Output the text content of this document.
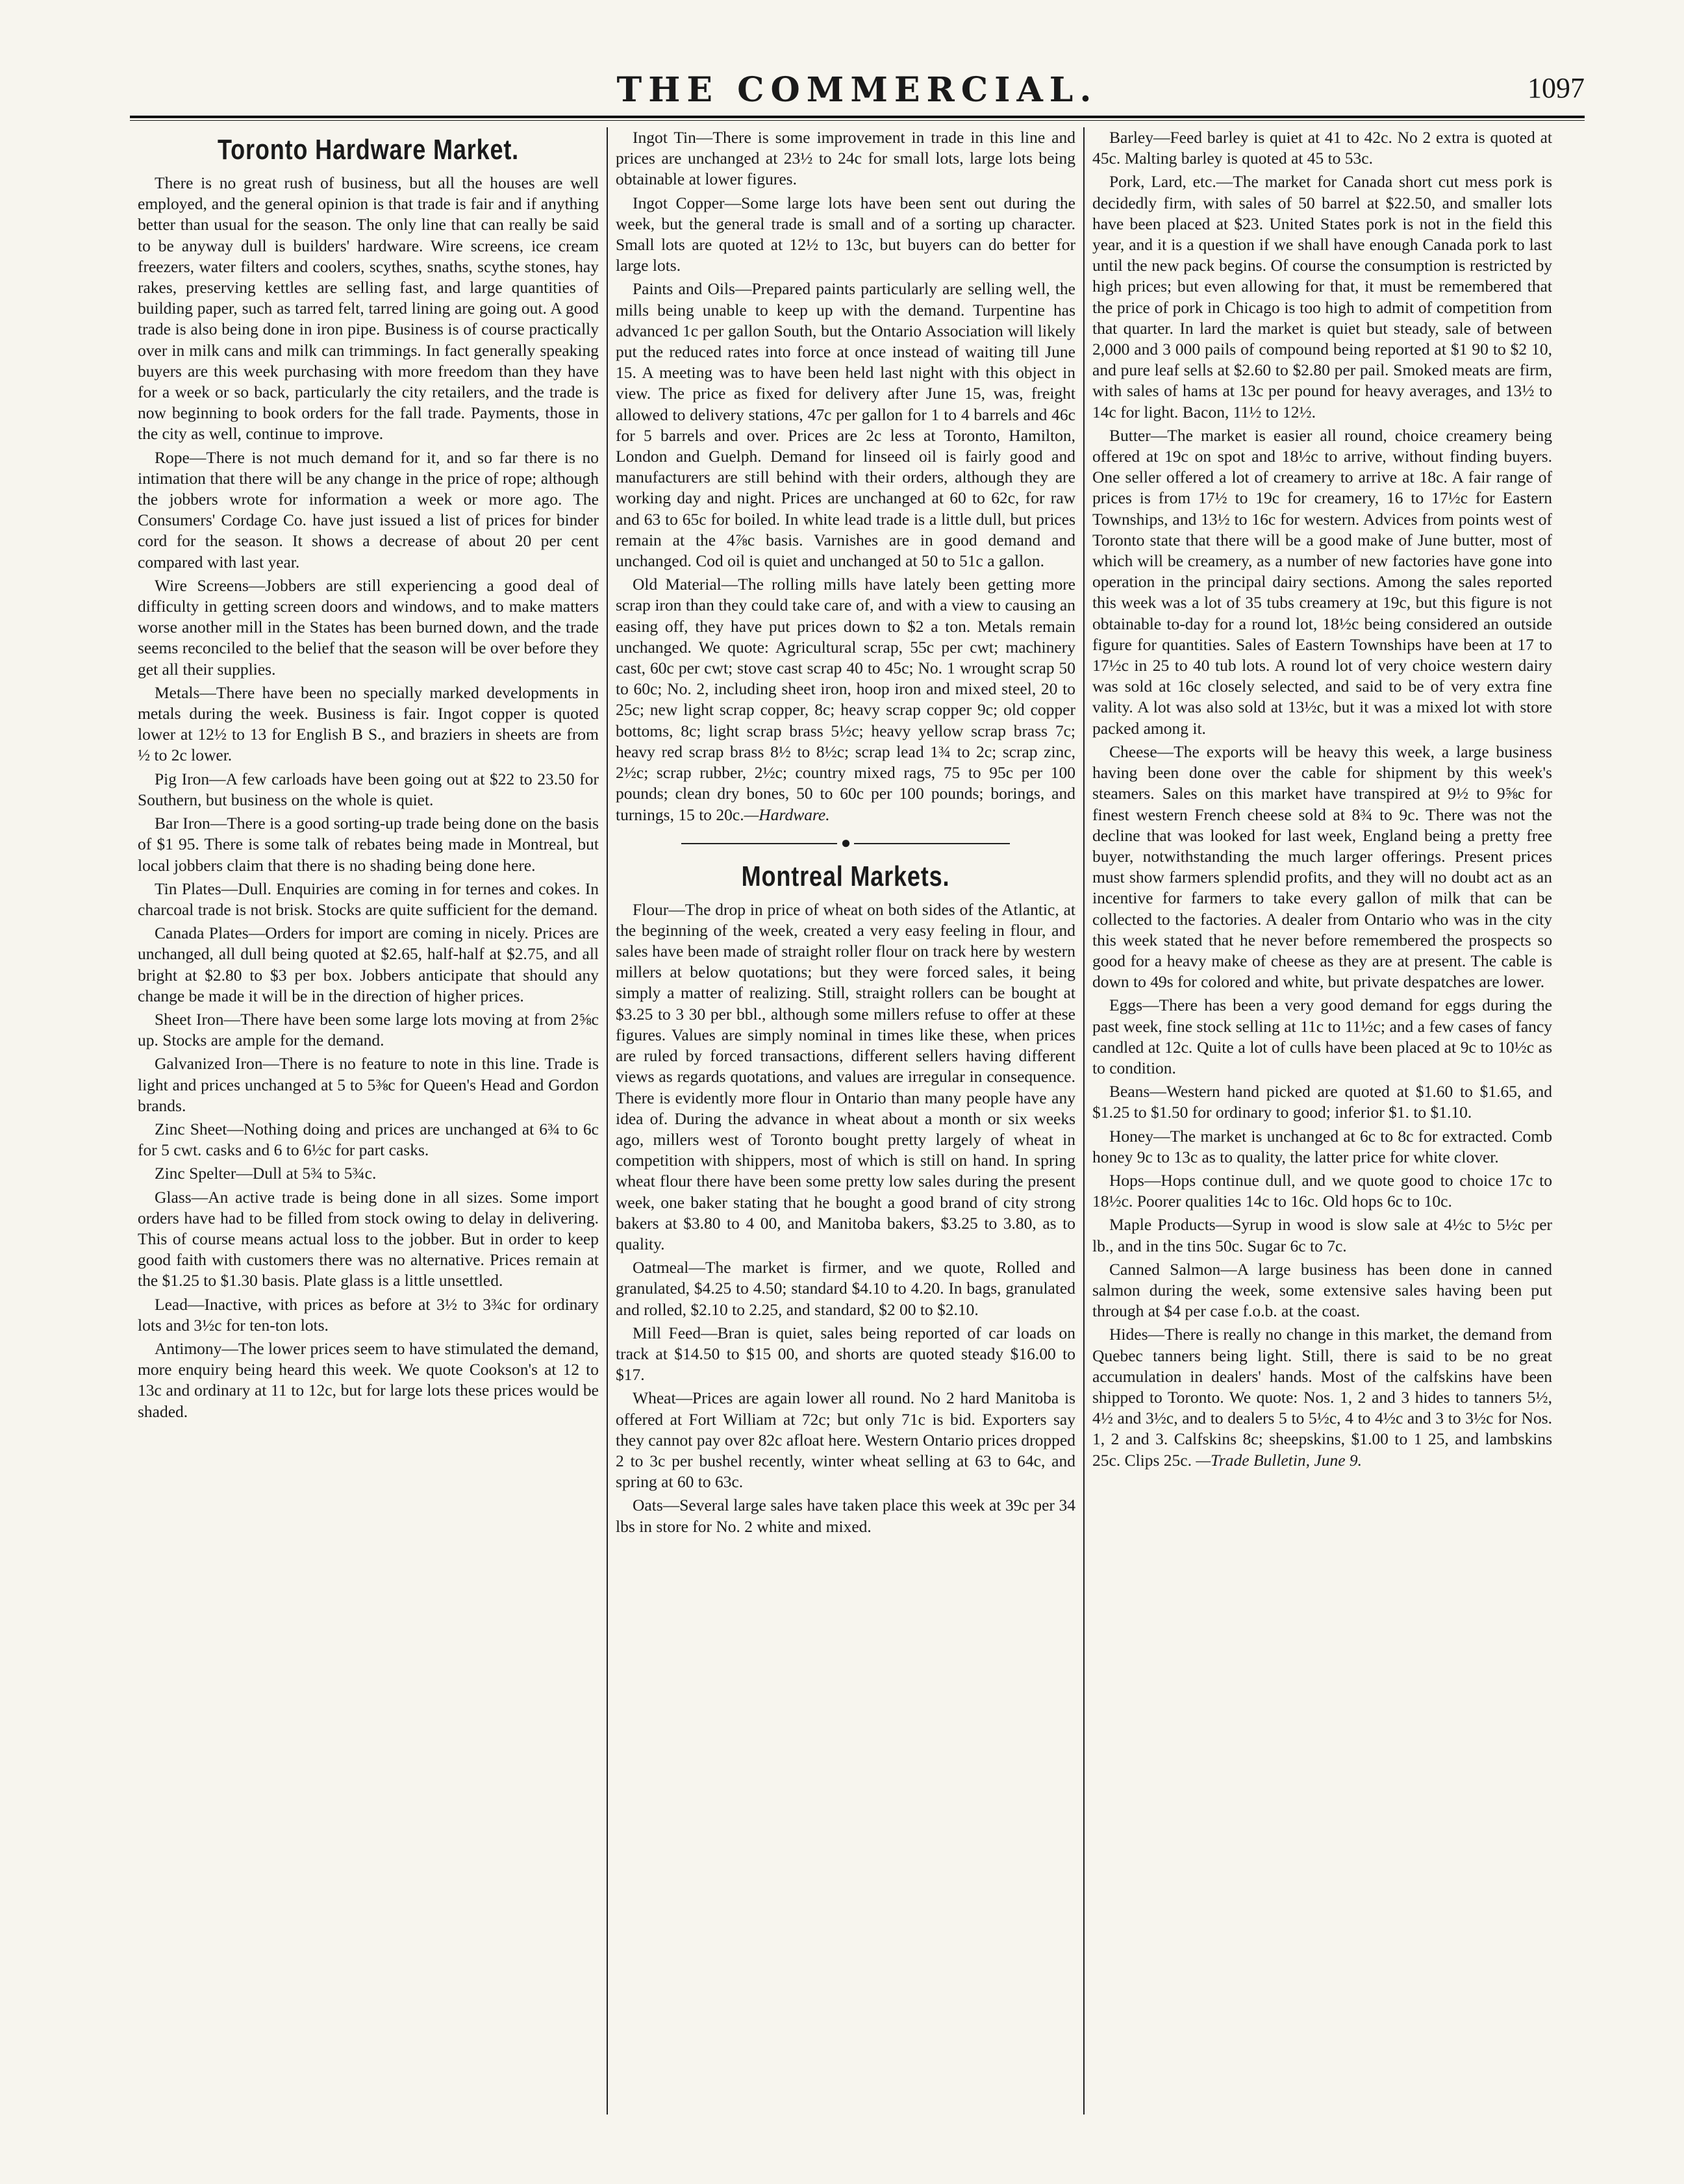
THE COMMERCIAL.	1097
Toronto Hardware Market.

There is no great rush of business, but all the houses are well employed, and the general opinion is that trade is fair and if anything better than usual for the season. The only line that can really be said to be anyway dull is builders' hardware. Wire screens, ice cream freezers, water filters and coolers, scythes, snaths, scythe stones, hay rakes, preserving kettles are selling fast, and large quantities of building paper, such as tarred felt, tarred lining are going out. A good trade is also being done in iron pipe. Business is of course practically over in milk cans and milk can trimmings. In fact generally speaking buyers are this week purchasing with more freedom than they have for a week or so back, particularly the city retailers, and the trade is now beginning to book orders for the fall trade. Payments, those in the city as well, continue to improve.

Rope—There is not much demand for it, and so far there is no intimation that there will be any change in the price of rope; although the jobbers wrote for information a week or more ago. The Consumers' Cordage Co. have just issued a list of prices for binder cord for the season. It shows a decrease of about 20 per cent compared with last year.

Wire Screens—Jobbers are still experiencing a good deal of difficulty in getting screen doors and windows, and to make matters worse another mill in the States has been burned down, and the trade seems reconciled to the belief that the season will be over before they get all their supplies.

Metals—There have been no specially marked developments in metals during the week. Business is fair. Ingot copper is quoted lower at 12½ to 13 for English B S., and braziers in sheets are from ½ to 2c lower.

Pig Iron—A few carloads have been going out at $22 to 23.50 for Southern, but business on the whole is quiet.

Bar Iron—There is a good sorting-up trade being done on the basis of $1 95. There is some talk of rebates being made in Montreal, but local jobbers claim that there is no shading being done here.

Tin Plates—Dull. Enquiries are coming in for ternes and cokes. In charcoal trade is not brisk. Stocks are quite sufficient for the demand.

Canada Plates—Orders for import are coming in nicely. Prices are unchanged, all dull being quoted at $2.65, half-half at $2.75, and all bright at $2.80 to $3 per box. Jobbers anticipate that should any change be made it will be in the direction of higher prices.

Sheet Iron—There have been some large lots moving at from 2⅝c up. Stocks are ample for the demand.

Galvanized Iron—There is no feature to note in this line. Trade is light and prices unchanged at 5 to 5⅜c for Queen's Head and Gordon brands.

Zinc Sheet—Nothing doing and prices are unchanged at 6¾ to 6c for 5 cwt. casks and 6 to 6½c for part casks.

Zinc Spelter—Dull at 5¾ to 5¾c.

Glass—An active trade is being done in all sizes. Some import orders have had to be filled from stock owing to delay in delivering. This of course means actual loss to the jobber. But in order to keep good faith with customers there was no alternative. Prices remain at the $1.25 to $1.30 basis. Plate glass is a little unsettled.

Lead—Inactive, with prices as before at 3½ to 3¾c for ordinary lots and 3½c for ten-ton lots.

Antimony—The lower prices seem to have stimulated the demand, more enquiry being heard this week. We quote Cookson's at 12 to 13c and ordinary at 11 to 12c, but for large lots these prices would be shaded.

Ingot Tin—There is some improvement in trade in this line and prices are unchanged at 23½ to 24c for small lots, large lots being obtainable at lower figures.

Ingot Copper—Some large lots have been sent out during the week, but the general trade is small and of a sorting up character. Small lots are quoted at 12½ to 13c, but buyers can do better for large lots.

Paints and Oils—Prepared paints particularly are selling well, the mills being unable to keep up with the demand. Turpentine has advanced 1c per gallon South, but the Ontario Association will likely put the reduced rates into force at once instead of waiting till June 15. A meeting was to have been held last night with this object in view. The price as fixed for delivery after June 15, was, freight allowed to delivery stations, 47c per gallon for 1 to 4 barrels and 46c for 5 barrels and over. Prices are 2c less at Toronto, Hamilton, London and Guelph. Demand for linseed oil is fairly good and manufacturers are still behind with their orders, although they are working day and night. Prices are unchanged at 60 to 62c, for raw and 63 to 65c for boiled. In white lead trade is a little dull, but prices remain at the 4⅞c basis. Varnishes are in good demand and unchanged. Cod oil is quiet and unchanged at 50 to 51c a gallon.

Old Material—The rolling mills have lately been getting more scrap iron than they could take care of, and with a view to causing an easing off, they have put prices down to $2 a ton. Metals remain unchanged. We quote: Agricultural scrap, 55c per cwt; machinery cast, 60c per cwt; stove cast scrap 40 to 45c; No. 1 wrought scrap 50 to 60c; No. 2, including sheet iron, hoop iron and mixed steel, 20 to 25c; new light scrap copper, 8c; heavy scrap copper 9c; old copper bottoms, 8c; light scrap brass 5½c; heavy yellow scrap brass 7c; heavy red scrap brass 8½ to 8½c; scrap lead 1¾ to 2c; scrap zinc, 2½c; scrap rubber, 2½c; country mixed rags, 75 to 95c per 100 pounds; clean dry bones, 50 to 60c per 100 pounds; borings, and turnings, 15 to 20c.—Hardware.

●
Montreal Markets.

Flour—The drop in price of wheat on both sides of the Atlantic, at the beginning of the week, created a very easy feeling in flour, and sales have been made of straight roller flour on track here by western millers at below quotations; but they were forced sales, it being simply a matter of realizing. Still, straight rollers can be bought at $3.25 to 3 30 per bbl., although some millers refuse to offer at these figures. Values are simply nominal in times like these, when prices are ruled by forced transactions, different sellers having different views as regards quotations, and values are irregular in consequence. There is evidently more flour in Ontario than many people have any idea of. During the advance in wheat about a month or six weeks ago, millers west of Toronto bought pretty largely of wheat in competition with shippers, most of which is still on hand. In spring wheat flour there have been some pretty low sales during the present week, one baker stating that he bought a good brand of city strong bakers at $3.80 to 4 00, and Manitoba bakers, $3.25 to 3.80, as to quality.

Oatmeal—The market is firmer, and we quote, Rolled and granulated, $4.25 to 4.50; standard $4.10 to 4.20. In bags, granulated and rolled, $2.10 to 2.25, and standard, $2 00 to $2.10.

Mill Feed—Bran is quiet, sales being reported of car loads on track at $14.50 to $15 00, and shorts are quoted steady $16.00 to $17.

Wheat—Prices are again lower all round. No 2 hard Manitoba is offered at Fort William at 72c; but only 71c is bid. Exporters say they cannot pay over 82c afloat here. Western Ontario prices dropped 2 to 3c per bushel recently, winter wheat selling at 63 to 64c, and spring at 60 to 63c.

Oats—Several large sales have taken place this week at 39c per 34 lbs in store for No. 2 white and mixed.

Barley—Feed barley is quiet at 41 to 42c. No 2 extra is quoted at 45c. Malting barley is quoted at 45 to 53c.

Pork, Lard, etc.—The market for Canada short cut mess pork is decidedly firm, with sales of 50 barrel at $22.50, and smaller lots have been placed at $23. United States pork is not in the field this year, and it is a question if we shall have enough Canada pork to last until the new pack begins. Of course the consumption is restricted by high prices; but even allowing for that, it must be remembered that the price of pork in Chicago is too high to admit of competition from that quarter. In lard the market is quiet but steady, sale of between 2,000 and 3 000 pails of compound being reported at $1 90 to $2 10, and pure leaf sells at $2.60 to $2.80 per pail. Smoked meats are firm, with sales of hams at 13c per pound for heavy averages, and 13½ to 14c for light. Bacon, 11½ to 12½.

Butter—The market is easier all round, choice creamery being offered at 19c on spot and 18½c to arrive, without finding buyers. One seller offered a lot of creamery to arrive at 18c. A fair range of prices is from 17½ to 19c for creamery, 16 to 17½c for Eastern Townships, and 13½ to 16c for western. Advices from points west of Toronto state that there will be a good make of June butter, most of which will be creamery, as a number of new factories have gone into operation in the principal dairy sections. Among the sales reported this week was a lot of 35 tubs creamery at 19c, but this figure is not obtainable to-day for a round lot, 18½c being considered an outside figure for quantities. Sales of Eastern Townships have been at 17 to 17½c in 25 to 40 tub lots. A round lot of very choice western dairy was sold at 16c closely selected, and said to be of very extra fine vality. A lot was also sold at 13½c, but it was a mixed lot with store packed among it.

Cheese—The exports will be heavy this week, a large business having been done over the cable for shipment by this week's steamers. Sales on this market have transpired at 9½ to 9⅝c for finest western French cheese sold at 8¾ to 9c. There was not the decline that was looked for last week, England being a pretty free buyer, notwithstanding the much larger offerings. Present prices must show farmers splendid profits, and they will no doubt act as an incentive for farmers to take every gallon of milk that can be collected to the factories. A dealer from Ontario who was in the city this week stated that he never before remembered the prospects so good for a heavy make of cheese as they are at present. The cable is down to 49s for colored and white, but private despatches are lower.

Eggs—There has been a very good demand for eggs during the past week, fine stock selling at 11c to 11½c; and a few cases of fancy candled at 12c. Quite a lot of culls have been placed at 9c to 10½c as to condition.

Beans—Western hand picked are quoted at $1.60 to $1.65, and $1.25 to $1.50 for ordinary to good; inferior $1. to $1.10.

Honey—The market is unchanged at 6c to 8c for extracted. Comb honey 9c to 13c as to quality, the latter price for white clover.

Hops—Hops continue dull, and we quote good to choice 17c to 18½c. Poorer qualities 14c to 16c. Old hops 6c to 10c.

Maple Products—Syrup in wood is slow sale at 4½c to 5½c per lb., and in the tins 50c. Sugar 6c to 7c.

Canned Salmon—A large business has been done in canned salmon during the week, some extensive sales having been put through at $4 per case f.o.b. at the coast.

Hides—There is really no change in this market, the demand from Quebec tanners being light. Still, there is said to be no great accumulation in dealers' hands. Most of the calfskins have been shipped to Toronto. We quote: Nos. 1, 2 and 3 hides to tanners 5½, 4½ and 3½c, and to dealers 5 to 5½c, 4 to 4½c and 3 to 3½c for Nos. 1, 2 and 3. Calfskins 8c; sheepskins, $1.00 to 1 25, and lambskins 25c. Clips 25c. —Trade Bulletin, June 9.
